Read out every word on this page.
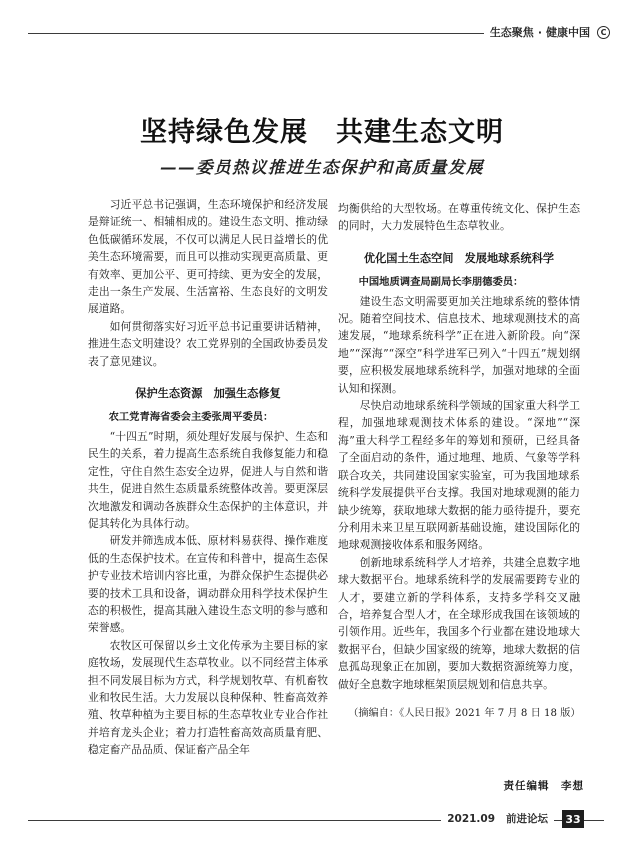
生态聚焦 · 健康中国 C
坚持绿色发展　共建生态文明
——委员热议推进生态保护和高质量发展

习近平总书记强调，生态环境保护和经济发展是辩证统一、相辅相成的。建设生态文明、推动绿色低碳循环发展，不仅可以满足人民日益增长的优美生态环境需要，而且可以推动实现更高质量、更有效率、更加公平、更可持续、更为安全的发展，走出一条生产发展、生活富裕、生态良好的文明发展道路。

如何贯彻落实好习近平总书记重要讲话精神，推进生态文明建设？农工党界别的全国政协委员发表了意见建议。

保护生态资源　加强生态修复
农工党青海省委会主委张周平委员：

“十四五”时期，须处理好发展与保护、生态和民生的关系，着力提高生态系统自我修复能力和稳定性，守住自然生态安全边界，促进人与自然和谐共生，促进自然生态质量系统整体改善。要更深层次地激发和调动各族群众生态保护的主体意识，并促其转化为具体行动。

研发并筛选成本低、原材料易获得、操作难度低的生态保护技术。在宣传和科普中，提高生态保护专业技术培训内容比重，为群众保护生态提供必要的技术工具和设备，调动群众用科学技术保护生态的积极性，提高其融入建设生态文明的参与感和荣誉感。

农牧区可保留以乡土文化传承为主要目标的家庭牧场，发展现代生态草牧业。以不同经营主体承担不同发展目标为方式，科学规划牧草、有机畜牧业和牧民生活。大力发展以良种保种、牲畜高效养殖、牧草种植为主要目标的生态草牧业专业合作社并培育龙头企业；着力打造牲畜高效高质量育肥、稳定畜产品品质、保证畜产品全年

均衡供给的大型牧场。在尊重传统文化、保护生态的同时，大力发展特色生态草牧业。

优化国土生态空间　发展地球系统科学
中国地质调查局副局长李朋德委员：

建设生态文明需要更加关注地球系统的整体情况。随着空间技术、信息技术、地球观测技术的高速发展，“地球系统科学”正在进入新阶段。向“深地”“深海”“深空”科学进军已列入“十四五”规划纲要，应积极发展地球系统科学，加强对地球的全面认知和探测。

尽快启动地球系统科学领域的国家重大科学工程，加强地球观测技术体系的建设。“深地”“深海”重大科学工程经多年的筹划和预研，已经具备了全面启动的条件，通过地理、地质、气象等学科联合攻关，共同建设国家实验室，可为我国地球系统科学发展提供平台支撑。我国对地球观测的能力缺少统筹，获取地球大数据的能力亟待提升，要充分利用未来卫星互联网新基础设施，建设国际化的地球观测接收体系和服务网络。

创新地球系统科学人才培养，共建全息数字地球大数据平台。地球系统科学的发展需要跨专业的人才，要建立新的学科体系，支持多学科交叉融合，培养复合型人才，在全球形成我国在该领域的引领作用。近些年，我国多个行业都在建设地球大数据平台，但缺少国家级的统筹，地球大数据的信息孤岛现象正在加剧，要加大数据资源统筹力度，做好全息数字地球框架顶层规划和信息共享。

（摘编自：《人民日报》2021 年 7 月 8 日 18 版）
责任编辑　李想
2021.09 前进论坛	33
